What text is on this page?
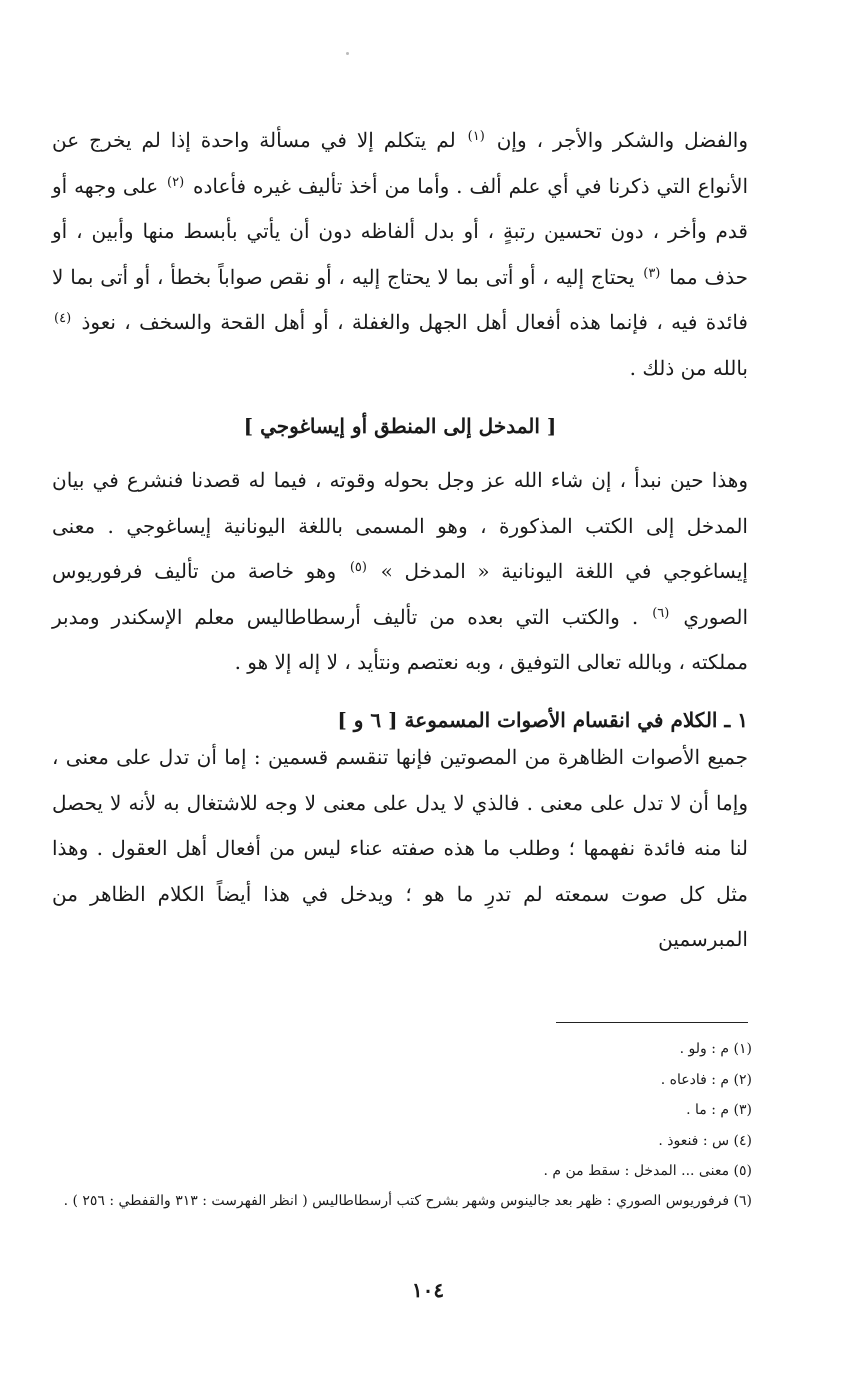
والفضل والشكر والأجر ، وإن $^{(١)}$ لم يتكلم إلا في مسألة واحدة إذا لم يخرج عن الأنواع التي ذكرنا في أي علم ألف . وأما من أخذ تأليف غيره فأعاده $^{(٢)}$ على وجهه أو قدم وأخر ، دون تحسين رتبةٍ ، أو بدل ألفاظه دون أن يأتي بأبسط منها وأبين ، أو حذف مما $^{(٣)}$ يحتاج إليه ، أو أتى بما لا يحتاج إليه ، أو نقص صواباً بخطأ ، أو أتى بما لا فائدة فيه ، فإنما هذه أفعال أهل الجهل والغفلة ، أو أهل القحة والسخف ، نعوذ $^{(٤)}$ بالله من ذلك .
[ المدخل إلى المنطق أو إيساغوجي ]
وهذا حين نبدأ ، إن شاء الله عز وجل بحوله وقوته ، فيما له قصدنا فنشرع في بيان المدخل إلى الكتب المذكورة ، وهو المسمى باللغة اليونانية إيساغوجي . معنى إيساغوجي في اللغة اليونانية « المدخل » $^{(٥)}$ وهو خاصة من تأليف فرفوريوس الصوري $^{(٦)}$ . والكتب التي بعده من تأليف أرسطاطاليس معلم الإسكندر ومدبر مملكته ، وبالله تعالى التوفيق ، وبه نعتصم ونتأيد ، لا إله إلا هو .
١ ـ الكلام في انقسام الأصوات المسموعة [ ٦ و ]
جميع الأصوات الظاهرة من المصوتين فإنها تنقسم قسمين : إما أن تدل على معنى ، وإما أن لا تدل على معنى . فالذي لا يدل على معنى لا وجه للاشتغال به لأنه لا يحصل لنا منه فائدة نفهمها ؛ وطلب ما هذه صفته عناء ليس من أفعال أهل العقول . وهذا مثل كل صوت سمعته لم تدرِ ما هو ؛ ويدخل في هذا أيضاً الكلام الظاهر من المبرسمين
(١) م : ولو .
(٢) م : فادعاه .
(٣) م : ما .
(٤) س : فنعوذ .
(٥) معنى ... المدخل : سقط من م .
(٦) فرفوريوس الصوري : ظهر بعد جالينوس وشهر بشرح كتب أرسطاطاليس ( انظر الفهرست : ٣١٣ والقفطي : ٢٥٦ ) .
١٠٤
